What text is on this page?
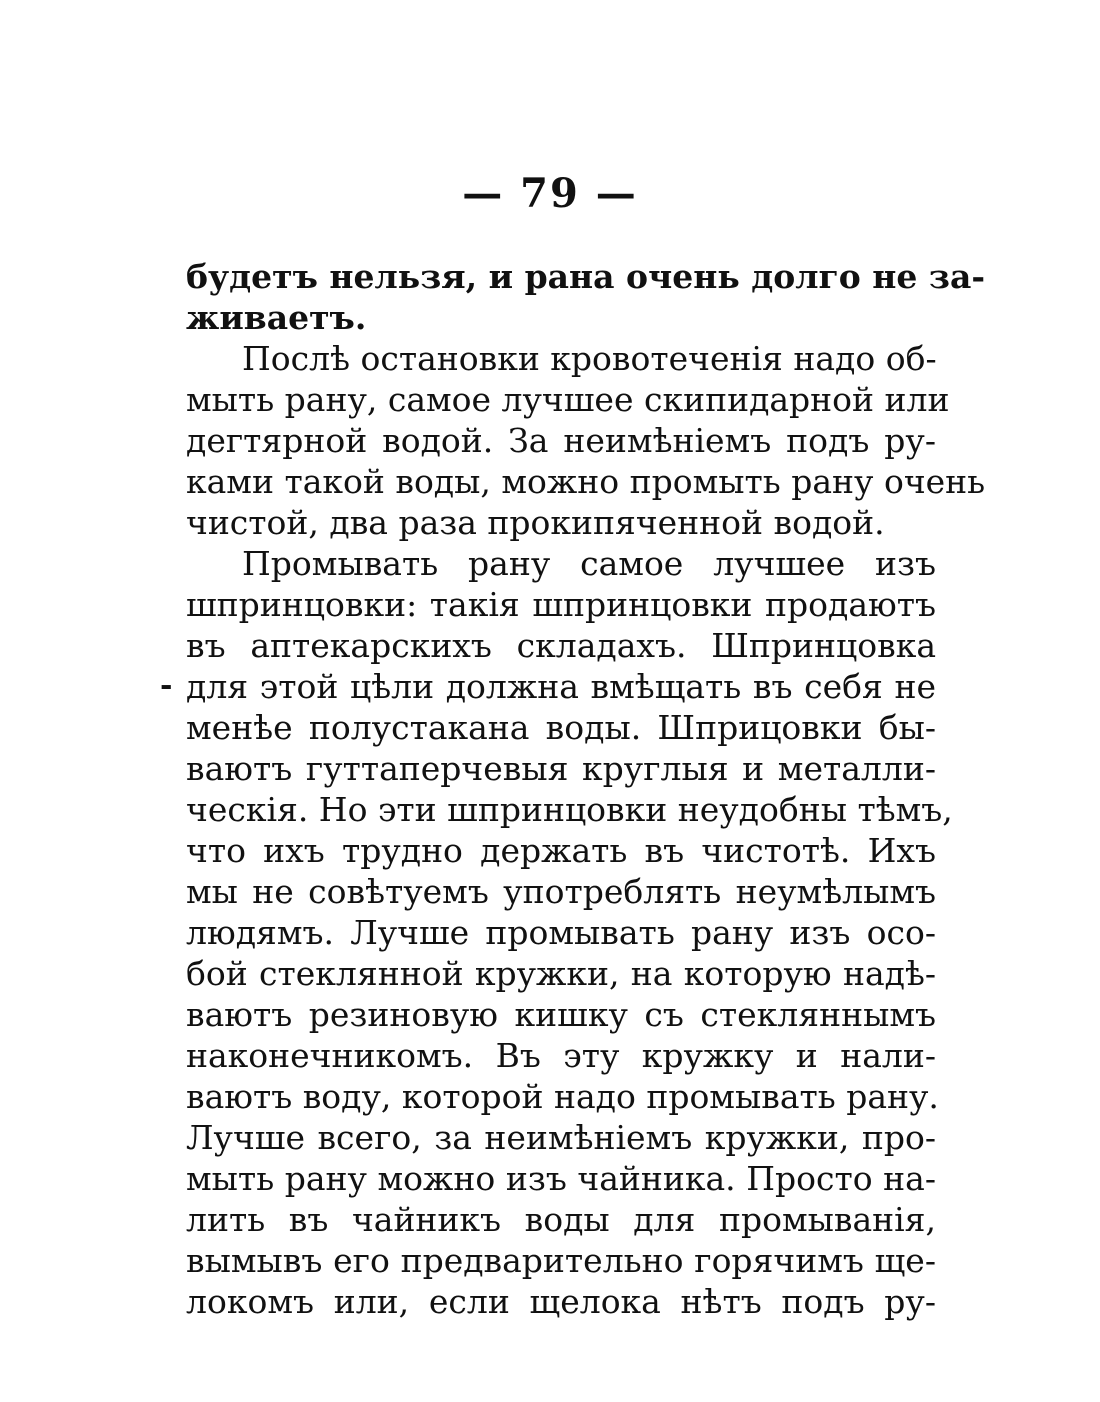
— 79 —
-
будетъ нельзя, и рана очень долго не за-
живаетъ.
Послѣ остановки кровотеченія надо об-
мыть рану, самое лучшее скипидарной или
дегтярной водой. За неимѣніемъ подъ ру-
ками такой воды, можно промыть рану очень
чистой, два раза прокипяченной водой.
Промывать рану самое лучшее изъ
шпринцовки: такія шпринцовки продаютъ
въ аптекарскихъ складахъ. Шпринцовка
для этой цѣли должна вмѣщать въ себя не
менѣе полустакана воды. Шприцовки бы-
ваютъ гуттаперчевыя круглыя и металли-
ческія. Но эти шпринцовки неудобны тѣмъ,
что ихъ трудно держать въ чистотѣ. Ихъ
мы не совѣтуемъ употреблять неумѣлымъ
людямъ. Лучше промывать рану изъ осо-
бой стеклянной кружки, на которую надѣ-
ваютъ резиновую кишку съ стекляннымъ
наконечникомъ. Въ эту кружку и нали-
ваютъ воду, которой надо промывать рану.
Лучше всего, за неимѣніемъ кружки, про-
мыть рану можно изъ чайника. Просто на-
лить въ чайникъ воды для промыванія,
вымывъ его предварительно горячимъ ще-
локомъ или, если щелока нѣтъ подъ ру-
